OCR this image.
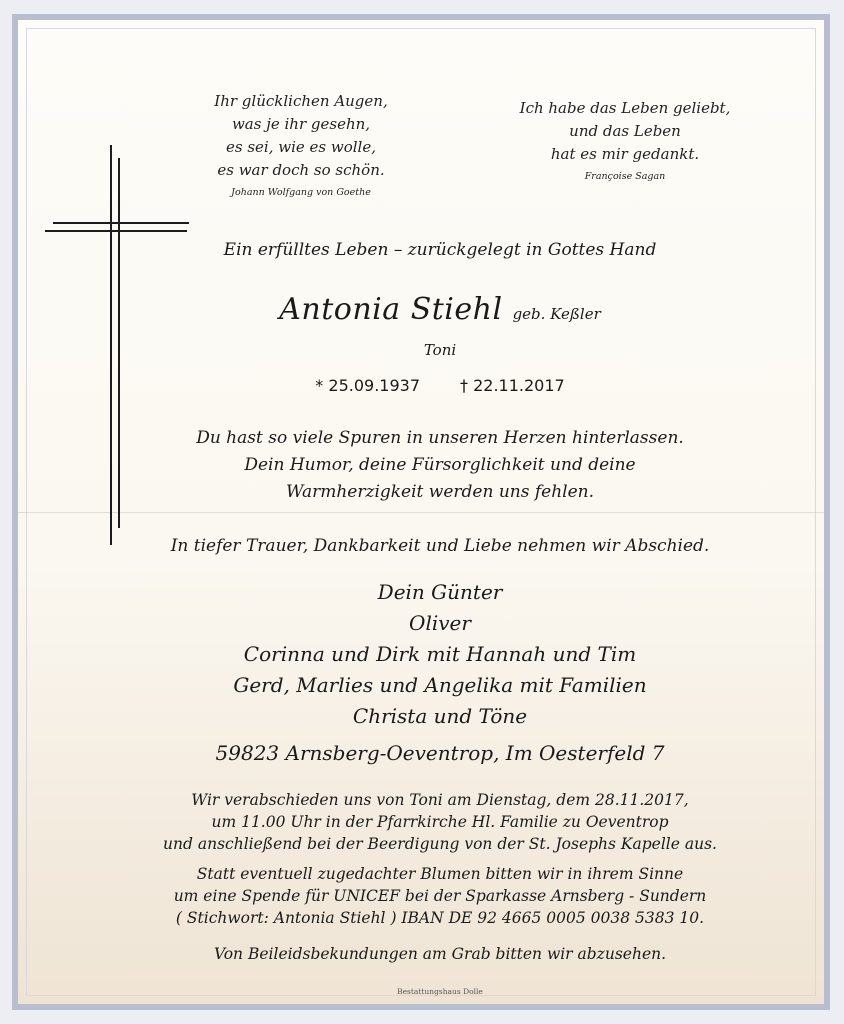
Ihr glücklichen Augen,
was je ihr gesehn,
es sei, wie es wolle,
es war doch so schön.
Johann Wolfgang von Goethe
Ich habe das Leben geliebt,
und das Leben
hat es mir gedankt.
Françoise Sagan
Ein erfülltes Leben – zurückgelegt in Gottes Hand
Antonia Stiehl geb. Keßler
Toni
* 25.09.1937	† 22.11.2017
Du hast so viele Spuren in unseren Herzen hinterlassen.
Dein Humor, deine Fürsorglichkeit und deine
Warmherzigkeit werden uns fehlen.
In tiefer Trauer, Dankbarkeit und Liebe nehmen wir Abschied.
Dein Günter
Oliver
Corinna und Dirk mit Hannah und Tim
Gerd, Marlies und Angelika mit Familien
Christa und Töne
59823 Arnsberg-Oeventrop, Im Oesterfeld 7
Wir verabschieden uns von Toni am Dienstag, dem 28.11.2017,
um 11.00 Uhr in der Pfarrkirche Hl. Familie zu Oeventrop
und anschließend bei der Beerdigung von der St. Josephs Kapelle aus.
Statt eventuell zugedachter Blumen bitten wir in ihrem Sinne
um eine Spende für UNICEF bei der Sparkasse Arnsberg - Sundern
( Stichwort: Antonia Stiehl ) IBAN DE 92 4665 0005 0038 5383 10.
Von Beileidsbekundungen am Grab bitten wir abzusehen.
Bestattungshaus Dolle
